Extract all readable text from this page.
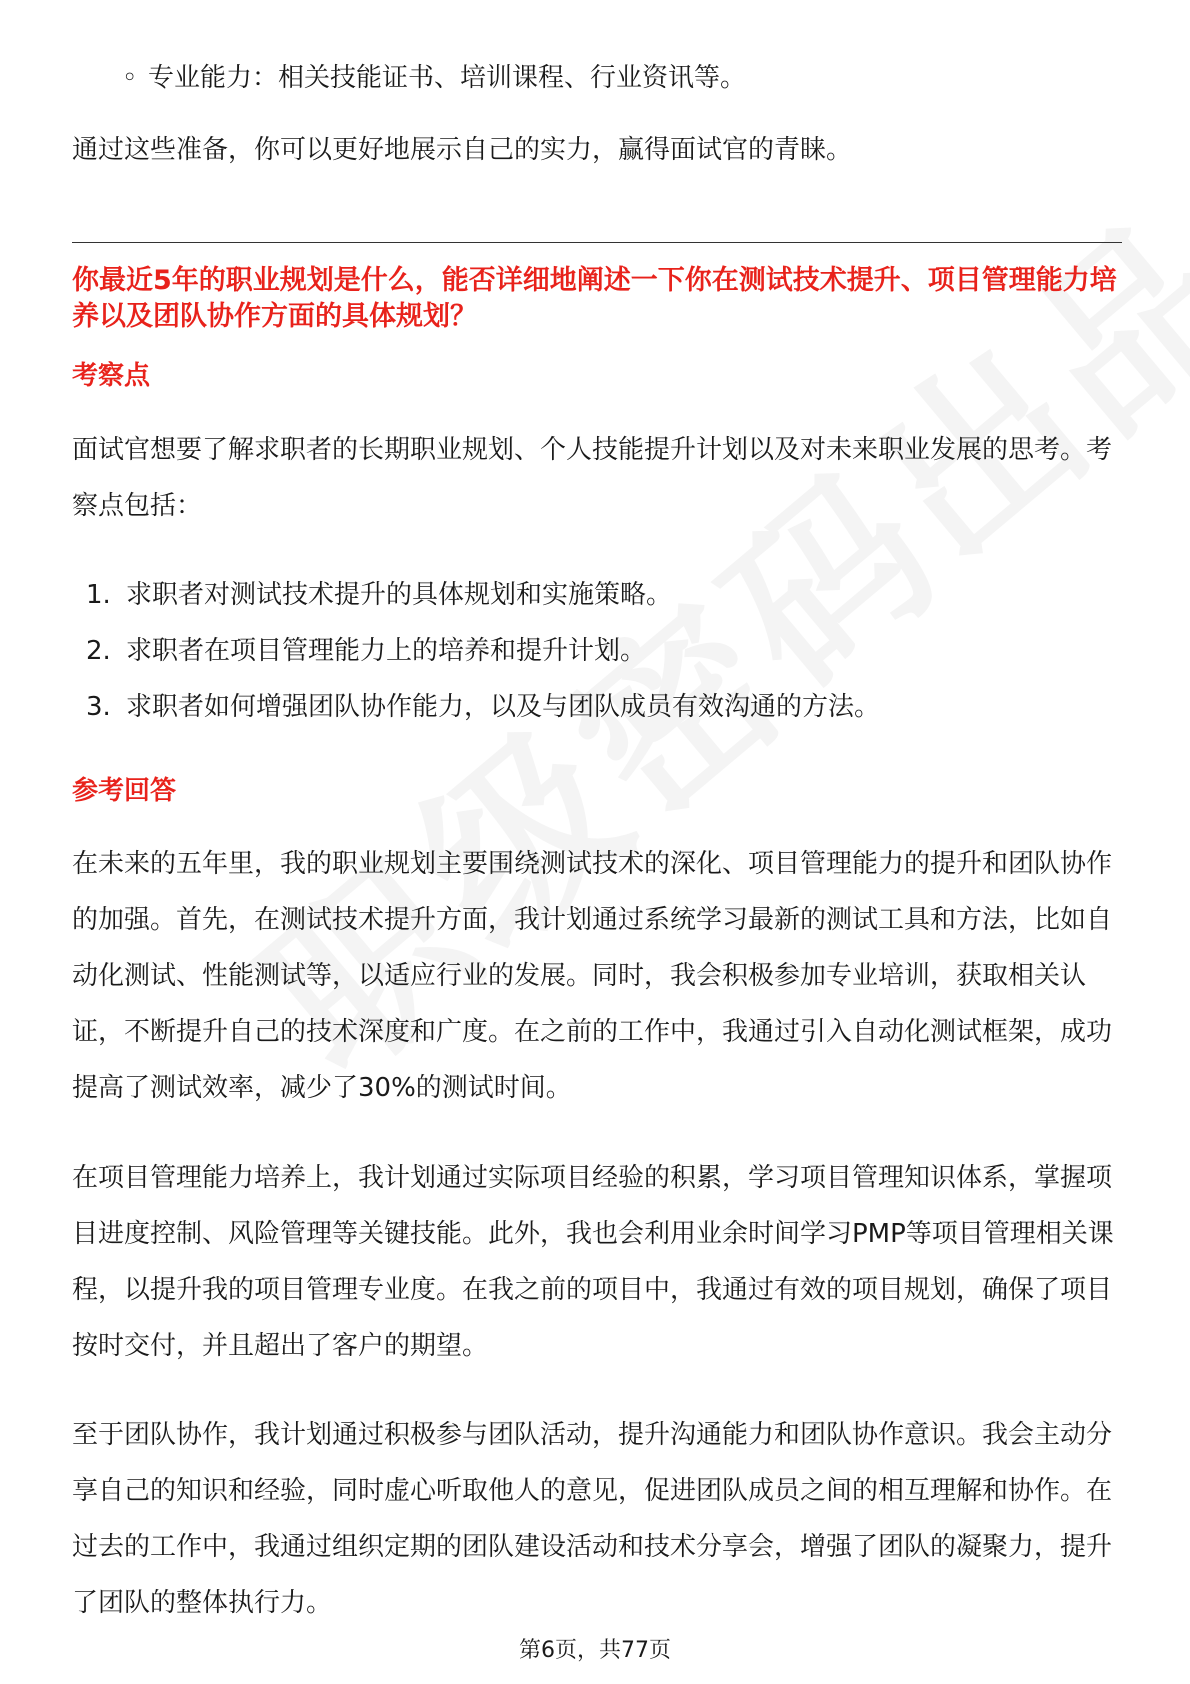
◦ 专业能力：相关技能证书、培训课程、行业资讯等。

通过这些准备，你可以更好地展示自己的实力，赢得面试官的青睐。

你最近5年的职业规划是什么，能否详细地阐述一下你在测试技术提升、项目管理能力培养以及团队协作方面的具体规划？

考察点

面试官想要了解求职者的长期职业规划、个人技能提升计划以及对未来职业发展的思考。考察点包括：

1. 求职者对测试技术提升的具体规划和实施策略。
2. 求职者在项目管理能力上的培养和提升计划。
3. 求职者如何增强团队协作能力，以及与团队成员有效沟通的方法。

参考回答

在未来的五年里，我的职业规划主要围绕测试技术的深化、项目管理能力的提升和团队协作的加强。首先，在测试技术提升方面，我计划通过系统学习最新的测试工具和方法，比如自动化测试、性能测试等，以适应行业的发展。同时，我会积极参加专业培训，获取相关认证，不断提升自己的技术深度和广度。在之前的工作中，我通过引入自动化测试框架，成功提高了测试效率，减少了30%的测试时间。

在项目管理能力培养上，我计划通过实际项目经验的积累，学习项目管理知识体系，掌握项目进度控制、风险管理等关键技能。此外，我也会利用业余时间学习PMP等项目管理相关课程，以提升我的项目管理专业度。在我之前的项目中，我通过有效的项目规划，确保了项目按时交付，并且超出了客户的期望。

至于团队协作，我计划通过积极参与团队活动，提升沟通能力和团队协作意识。我会主动分享自己的知识和经验，同时虚心听取他人的意见，促进团队成员之间的相互理解和协作。在过去的工作中，我通过组织定期的团队建设活动和技术分享会，增强了团队的凝聚力，提升了团队的整体执行力。

第6页，共77页
